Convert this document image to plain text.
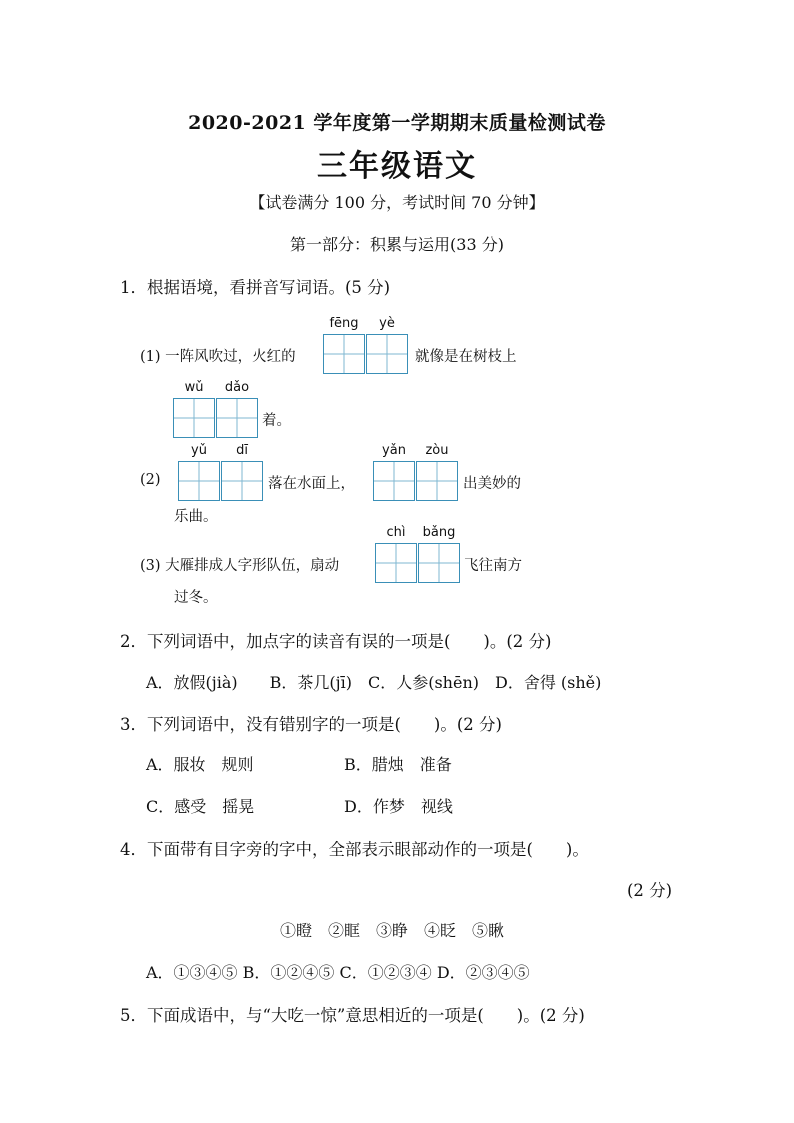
2020-2021 学年度第一学期期末质量检测试卷
三年级语文
【试卷满分 100 分，考试时间 70 分钟】
第一部分：积累与运用(33 分)
1．根据语境，看拼音写词语。(5 分)
(1) 一阵风吹过，火红的
fēng	yè
就像是在树枝上
wǔ	dǎo
着。
(2)
yǔ	dī
落在水面上，
yǎn	zòu
出美妙的
乐曲。
(3) 大雁排成人字形队伍，扇动
chì	bǎng
飞往南方
过冬。
2．下列词语中，加点字的读音有误的一项是(　　)。(2 分)
A．放假(jià)　　B．茶几(jī)　C．人参(shēn)　D．舍得 (shě)
3．下列词语中，没有错别字的一项是(　　)。(2 分)
A．服妆　规则	B．腊烛　准备
C．感受　摇晃	D．作梦　视线
4．下面带有目字旁的字中，全部表示眼部动作的一项是(　　)。
(2 分)
①瞪　②眶　③睁　④眨　⑤瞅
A．①③④⑤ B．①②④⑤ C．①②③④ D．②③④⑤
5．下面成语中，与“大吃一惊”意思相近的一项是(　　)。(2 分)
